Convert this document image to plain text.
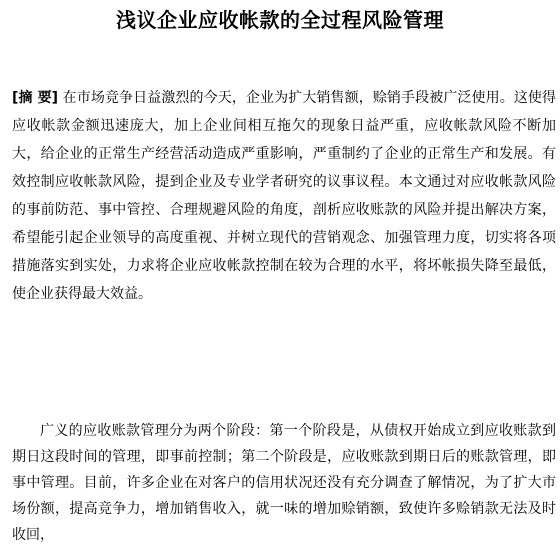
浅议企业应收帐款的全过程风险管理
[摘 要] 在市场竞争日益激烈的今天，企业为扩大销售额，赊销手段被广泛使用。这使得应收帐款金额迅速庞大，加上企业间相互拖欠的现象日益严重，应收帐款风险不断加大，给企业的正常生产经营活动造成严重影响，严重制约了企业的正常生产和发展。有效控制应收帐款风险，提到企业及专业学者研究的议事议程。本文通过对应收帐款风险的事前防范、事中管控、合理规避风险的角度，剖析应收账款的风险并提出解决方案，希望能引起企业领导的高度重视、并树立现代的营销观念、加强管理力度，切实将各项措施落实到实处，力求将企业应收帐款控制在较为合理的水平，将坏帐损失降至最低，使企业获得最大效益。
广义的应收账款管理分为两个阶段：第一个阶段是，从债权开始成立到应收账款到期日这段时间的管理，即事前控制；第二个阶段是，应收账款到期日后的账款管理，即事中管理。目前，许多企业在对客户的信用状况还没有充分调查了解情况，为了扩大市场份额，提高竞争力，增加销售收入，就一味的增加赊销额，致使许多赊销款无法及时收回，
